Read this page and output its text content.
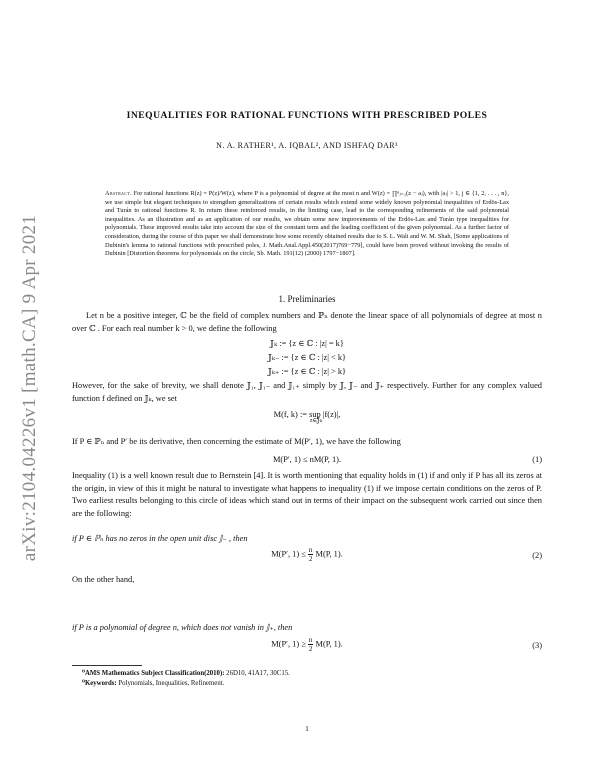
arXiv:2104.04226v1 [math.CA] 9 Apr 2021
INEQUALITIES FOR RATIONAL FUNCTIONS WITH PRESCRIBED POLES
N. A. RATHER¹, A. IQBAL², AND ISHFAQ DAR³
Abstract. For rational functions R(z) = P(z)/W(z), where P is a polynomial of degree at the most n and W(z) = ∏ⁿⱼ₌₁(z − aⱼ), with |aⱼ| > 1, j ∈ {1, 2, . . . , n}, we use simple but elegant techniques to strengthen generalizations of certain results which extend some widely known polynomial inequalities of Erdös-Lax and Turán to rational functions R. In return these reinforced results, in the limiting case, lead to the corresponding refinements of the said polynomial inequalities. As an illustration and as an application of our results, we obtain some new improvements of the Erdös-Lax and Turán type inequalities for polynomials. These improved results take into account the size of the constant term and the leading coefficient of the given polynomial. As a further factor of consideration, during the course of this paper we shall demonstrate how some recently obtained results due to S. L. Wali and W. M. Shah, [Some applications of Dubinin's lemma to rational functions with prescribed poles, J. Math.Anal.Appl.450(2017)769−779], could have been proved without invoking the results of Dubinin [Distortion theorems for polynomials on the circle, Sb. Math. 191(12) (2000) 1797−1807].
1. Preliminaries
Let n be a positive integer, ℂ be the field of complex numbers and ℙₙ denote the linear space of all polynomials of degree at most n over ℂ . For each real number k > 0, we define the following
𝕁ₖ := {z ∈ ℂ : |z| = k}
𝕁ₖ₋ := {z ∈ ℂ : |z| < k}
𝕁ₖ₊ := {z ∈ ℂ : |z| > k}
However, for the sake of brevity, we shall denote 𝕁₁, 𝕁₁₋ and 𝕁₁₊ simply by 𝕁, 𝕁₋ and 𝕁₊ respectively. Further for any complex valued function f defined on 𝕁ₖ, we set
M(f, k) := sup |f(z)|,
z∈𝕁ₖ
If P ∈ ℙₙ and P′ be its derivative, then concerning the estimate of M(P′, 1), we have the following
M(P′, 1) ≤ nM(P, 1).	(1)
Inequality (1) is a well known result due to Bernstein [4]. It is worth mentioning that equality holds in (1) if and only if P has all its zeros at the origin, in view of this it might be natural to investigate what happens to inequality (1) if we impose certain conditions on the zeros of P. Two earliest results belonging to this circle of ideas which stand out in terms of their impact on the subsequent work carried out since then are the following:
if P ∈ ℙₙ has no zeros in the open unit disc 𝕁₋ , then
M(P′, $1) \le \frac{n}{2} M(P$, 1).	(2)
On the other hand,
if P is a polynomial of degree n, which does not vanish in 𝕁₊, then
M(P′, $1) \ge \frac{n}{2} M(P$, 1).	(3)
⁰AMS Mathematics Subject Classification(2010): 26D10, 41A17, 30C15.
⁰Keywords: Polynomials, Inequalities, Refinement.
1
